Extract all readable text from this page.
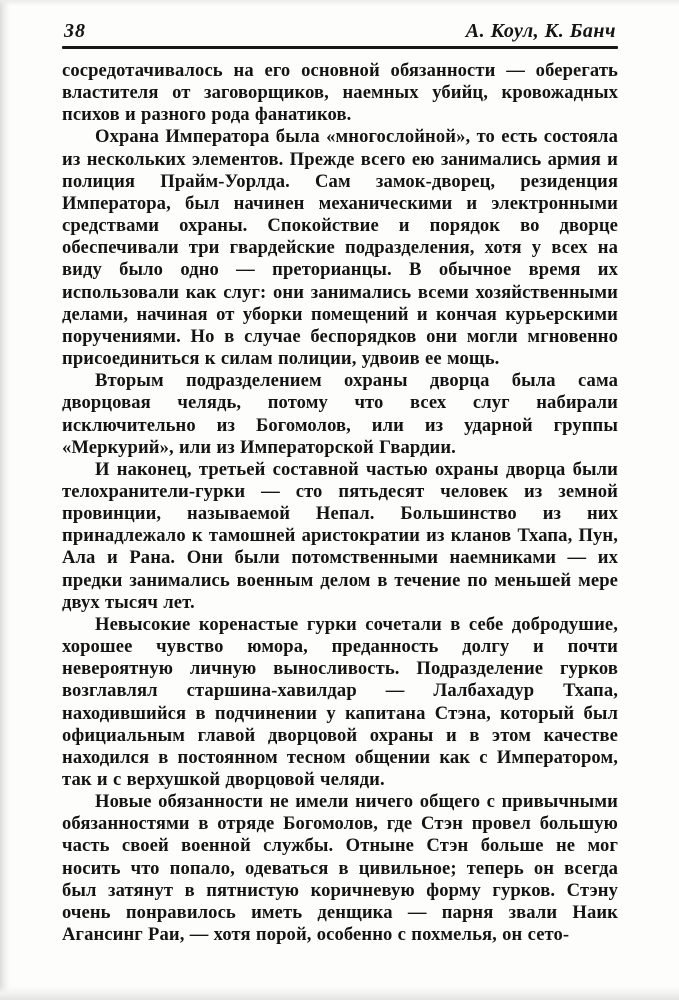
38	А. Коул, К. Банч

сосредотачивалось на его основной обязанности — оберегать властителя от заговорщиков, наемных убийц, кровожадных психов и разного рода фанатиков.

Охрана Императора была «многослойной», то есть состояла из нескольких элементов. Прежде всего ею занимались армия и полиция Прайм-Уорлда. Сам замок-дворец, резиденция Императора, был начинен механическими и электронными средствами охраны. Спокойствие и порядок во дворце обеспечивали три гвардейские подразделения, хотя у всех на виду было одно — преторианцы. В обычное время их использовали как слуг: они занимались всеми хозяйственными делами, начиная от уборки помещений и кончая курьерскими поручениями. Но в случае беспорядков они могли мгновенно присоединиться к силам полиции, удвоив ее мощь.

Вторым подразделением охраны дворца была сама дворцовая челядь, потому что всех слуг набирали исключительно из Богомолов, или из ударной группы «Меркурий», или из Императорской Гвардии.

И наконец, третьей составной частью охраны дворца были телохранители-гурки — сто пятьдесят человек из земной провинции, называемой Непал. Большинство из них принадлежало к тамошней аристократии из кланов Тхапа, Пун, Ала и Рана. Они были потомственными наемниками — их предки занимались военным делом в течение по меньшей мере двух тысяч лет.

Невысокие коренастые гурки сочетали в себе добродушие, хорошее чувство юмора, преданность долгу и почти невероятную личную выносливость. Подразделение гурков возглавлял старшина-хавилдар — Лалбахадур Тхапа, находившийся в подчинении у капитана Стэна, который был официальным главой дворцовой охраны и в этом качестве находился в постоянном тесном общении как с Императором, так и с верхушкой дворцовой челяди.

Новые обязанности не имели ничего общего с привычными обязанностями в отряде Богомолов, где Стэн провел большую часть своей военной службы. Отныне Стэн больше не мог носить что попало, одеваться в цивильное; теперь он всегда был затянут в пятнистую коричневую форму гурков. Стэну очень понравилось иметь денщика — парня звали Наик Агансинг Раи, — хотя порой, особенно с похмелья, он сето-
